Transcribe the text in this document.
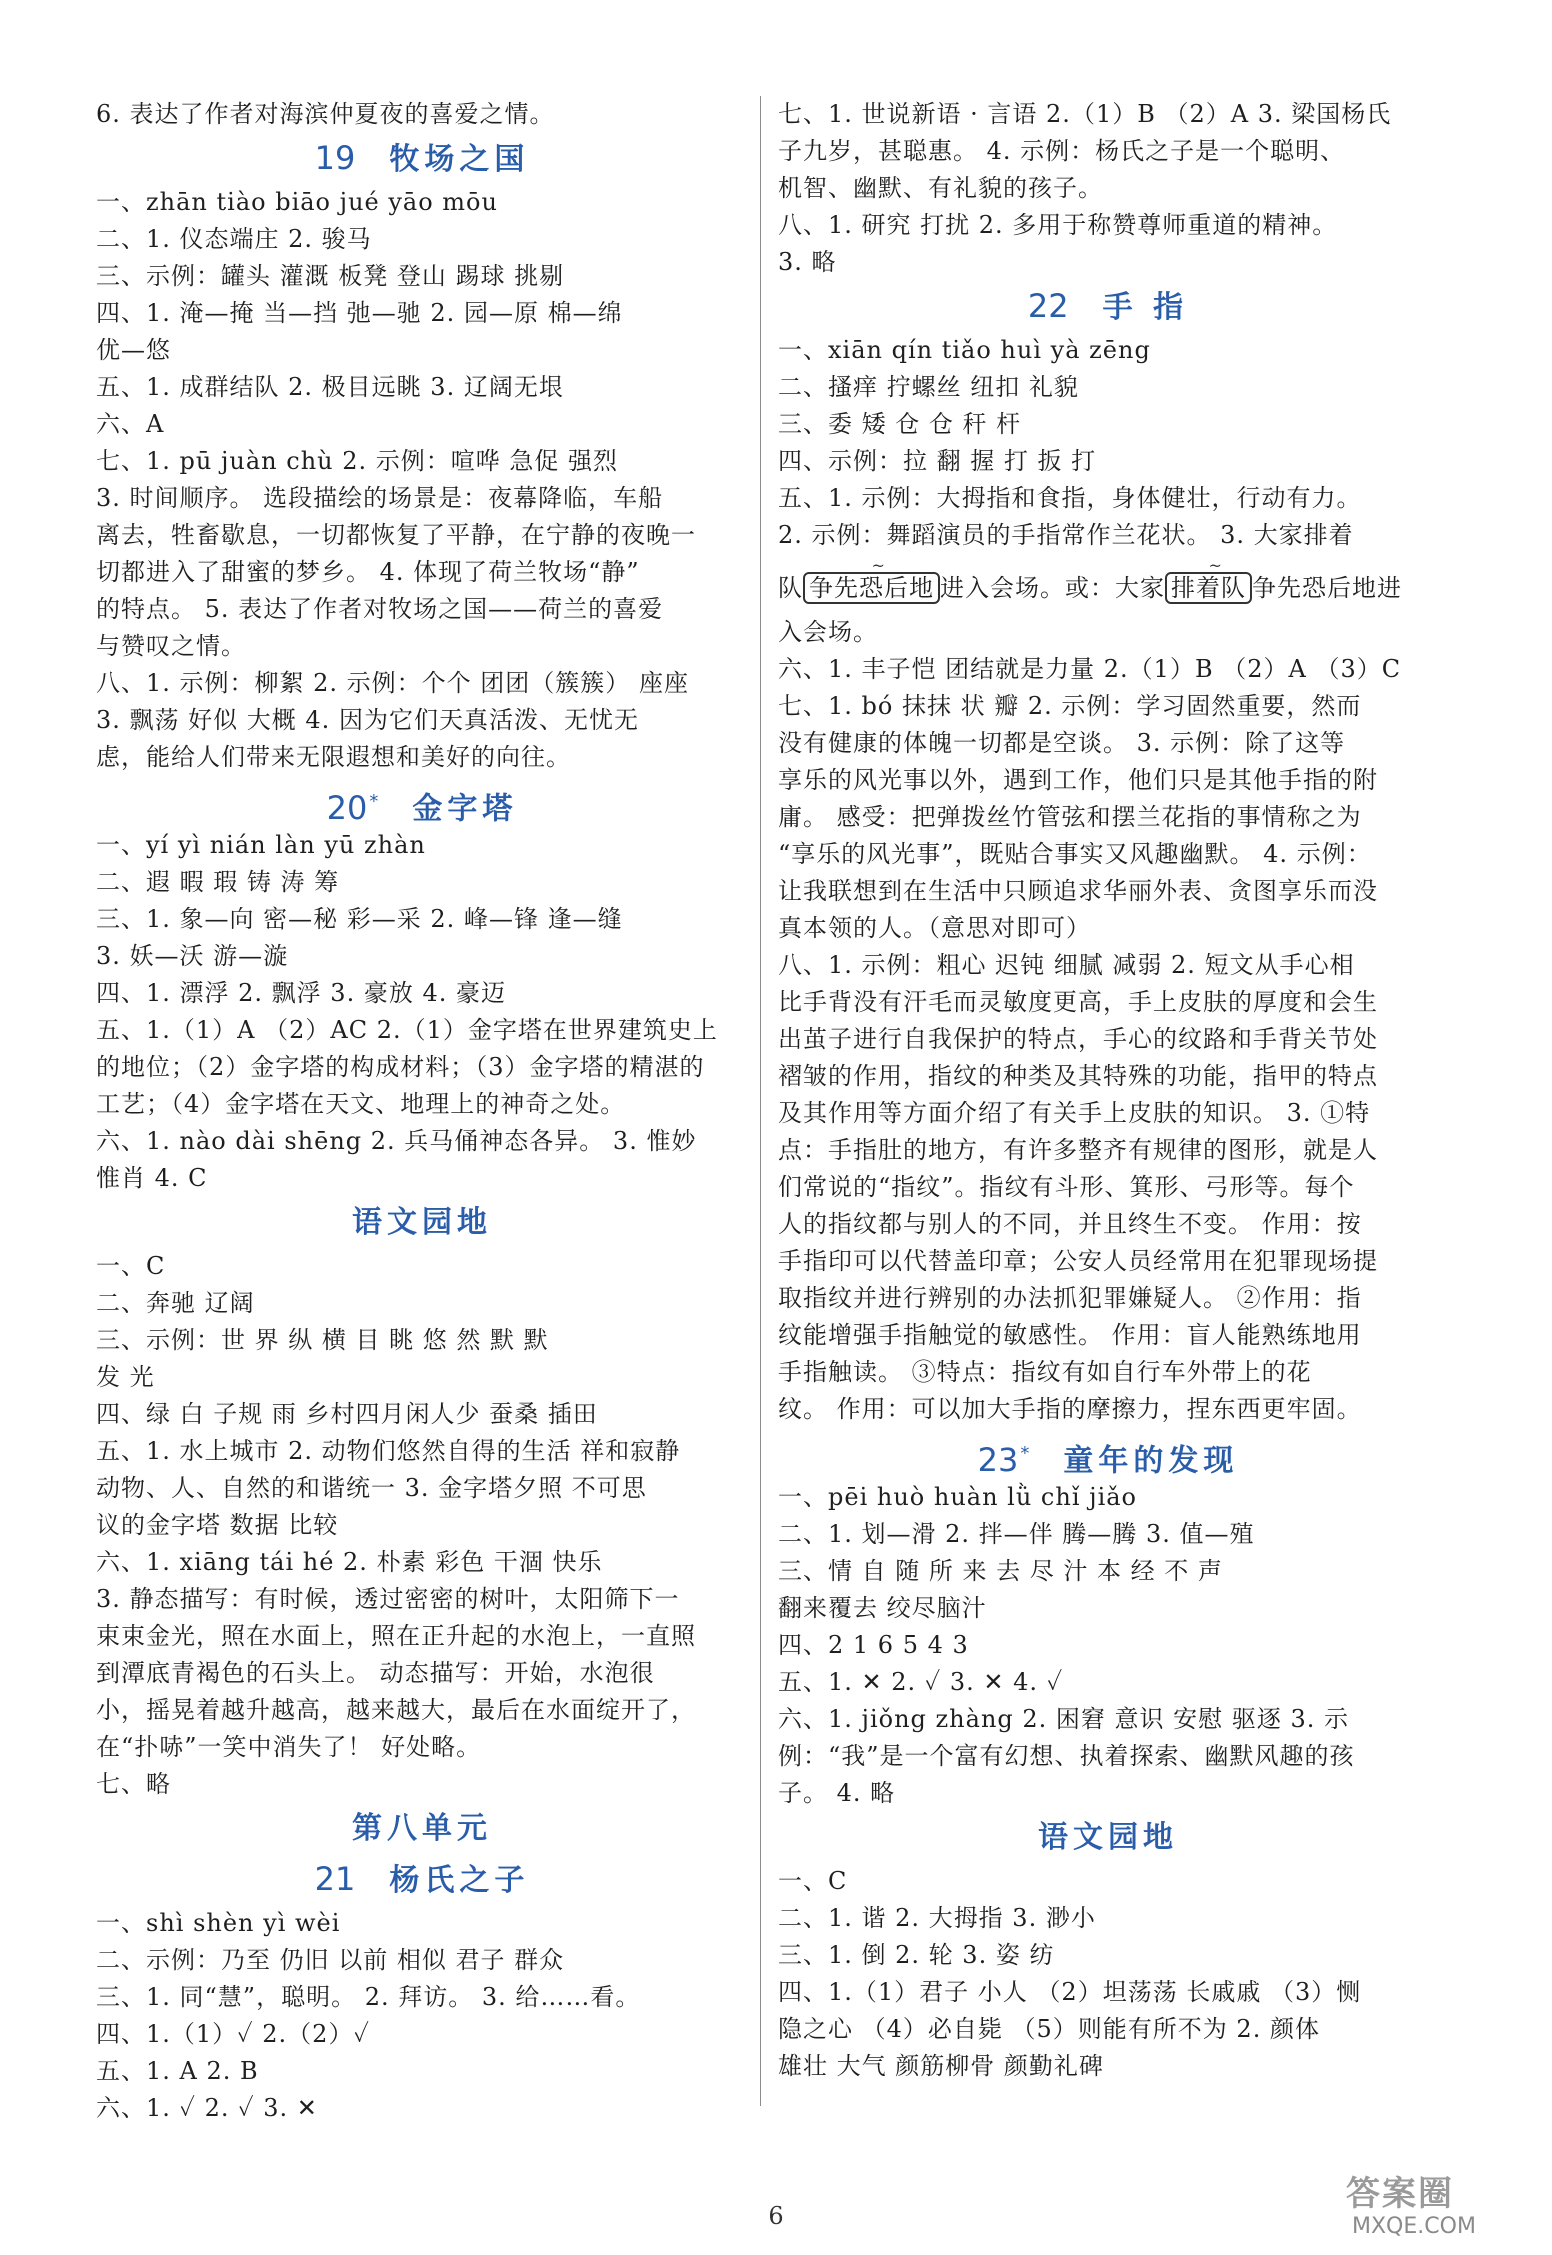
6. 表达了作者对海滨仲夏夜的喜爱之情。
19 牧场之国
一、zhān tiào biāo jué yāo mōu
二、1. 仪态端庄 2. 骏马
三、示例：罐头 灌溉 板凳 登山 踢球 挑剔
四、1. 淹—掩 当—挡 弛—驰 2. 园—原 棉—绵
优—悠
五、1. 成群结队 2. 极目远眺 3. 辽阔无垠
六、A
七、1. pū juàn chù 2. 示例：喧哗 急促 强烈
3. 时间顺序。 选段描绘的场景是：夜幕降临，车船
离去，牲畜歇息，一切都恢复了平静，在宁静的夜晚一
切都进入了甜蜜的梦乡。 4. 体现了荷兰牧场“静”
的特点。 5. 表达了作者对牧场之国——荷兰的喜爱
与赞叹之情。
八、1. 示例：柳絮 2. 示例：个个 团团（簇簇） 座座
3. 飘荡 好似 大概 4. 因为它们天真活泼、无忧无
虑，能给人们带来无限遐想和美好的向往。
20 * 金字塔
一、yí yì nián làn yū zhàn
二、遐 暇 瑕 铸 涛 筹
三、1. 象—向 密—秘 彩—采 2. 峰—锋 逢—缝
3. 妖—沃 游—漩
四、1. 漂浮 2. 飘浮 3. 豪放 4. 豪迈
五、1.（1）A （2）AC 2.（1）金字塔在世界建筑史上
的地位；（2）金字塔的构成材料；（3）金字塔的精湛的
工艺；（4）金字塔在天文、地理上的神奇之处。
六、1. nào dài shēng 2. 兵马俑神态各异。 3. 惟妙
惟肖 4. C
语文园地
一、C
二、奔驰 辽阔
三、示例：世 界 纵 横 目 眺 悠 然 默 默
发 光
四、绿 白 子规 雨 乡村四月闲人少 蚕桑 插田
五、1. 水上城市 2. 动物们悠然自得的生活 祥和寂静
动物、人、自然的和谐统一 3. 金字塔夕照 不可思
议的金字塔 数据 比较
六、1. xiāng tái hé 2. 朴素 彩色 干涸 快乐
3. 静态描写：有时候，透过密密的树叶，太阳筛下一
束束金光，照在水面上，照在正升起的水泡上，一直照
到潭底青褐色的石头上。 动态描写：开始，水泡很
小，摇晃着越升越高，越来越大，最后在水面绽开了，
在“扑哧”一笑中消失了！ 好处略。
七、略
第八单元
21 杨氏之子
一、shì shèn yì wèi
二、示例：乃至 仍旧 以前 相似 君子 群众
三、1. 同“慧”，聪明。 2. 拜访。 3. 给……看。
四、1.（1）✓ 2.（2）✓
五、1. A 2. B
六、1. ✓ 2. ✓ 3. ✕
七、1. 世说新语 · 言语 2.（1）B （2）A 3. 梁国杨氏
子九岁，甚聪惠。 4. 示例：杨氏之子是一个聪明、
机智、幽默、有礼貌的孩子。
八、1. 研究 打扰 2. 多用于称赞尊师重道的精神。
3. 略
22 手 指
一、xiān qín tiǎo huì yà zēng
二、搔痒 拧螺丝 纽扣 礼貌
三、委 矮 仓 仓 秆 杆
四、示例：拉 翻 握 打 扳 打
五、1. 示例：大拇指和食指，身体健壮，行动有力。
2. 示例：舞蹈演员的手指常作兰花状。 3. 大家排着
队
~
争先恐后地 进入会场。或：大家
~
排着队 争先恐后地进
入会场。
六、1. 丰子恺 团结就是力量 2.（1）B （2）A （3）C
七、1. bó 抹抹 状 瓣 2. 示例：学习固然重要，然而
没有健康的体魄一切都是空谈。 3. 示例：除了这等
享乐的风光事以外，遇到工作，他们只是其他手指的附
庸。 感受：把弹拨丝竹管弦和摆兰花指的事情称之为
“享乐的风光事”，既贴合事实又风趣幽默。 4. 示例：
让我联想到在生活中只顾追求华丽外表、贪图享乐而没
真本领的人。（意思对即可）
八、1. 示例：粗心 迟钝 细腻 减弱 2. 短文从手心相
比手背没有汗毛而灵敏度更高，手上皮肤的厚度和会生
出茧子进行自我保护的特点，手心的纹路和手背关节处
褶皱的作用，指纹的种类及其特殊的功能，指甲的特点
及其作用等方面介绍了有关手上皮肤的知识。 3. ①特
点：手指肚的地方，有许多整齐有规律的图形，就是人
们常说的“指纹”。指纹有斗形、箕形、弓形等。每个
人的指纹都与别人的不同，并且终生不变。 作用：按
手指印可以代替盖印章；公安人员经常用在犯罪现场提
取指纹并进行辨别的办法抓犯罪嫌疑人。 ②作用：指
纹能增强手指触觉的敏感性。 作用：盲人能熟练地用
手指触读。 ③特点：指纹有如自行车外带上的花
纹。 作用：可以加大手指的摩擦力，捏东西更牢固。
23 * 童年的发现
一、pēi huò huàn lǜ chǐ jiǎo
二、1. 划—滑 2. 拌—伴 腾—腾 3. 值—殖
三、情 自 随 所 来 去 尽 汁 本 经 不 声
翻来覆去 绞尽脑汁
四、2 1 6 5 4 3
五、1. ✕ 2. ✓ 3. ✕ 4. ✓
六、1. jiǒng zhàng 2. 困窘 意识 安慰 驱逐 3. 示
例：“我”是一个富有幻想、执着探索、幽默风趣的孩
子。 4. 略
语文园地
一、C
二、1. 谐 2. 大拇指 3. 渺小
三、1. 倒 2. 轮 3. 姿 纺
四、1.（1）君子 小人 （2）坦荡荡 长戚戚 （3）恻
隐之心 （4）必自毙 （5）则能有所不为 2. 颜体
雄壮 大气 颜筋柳骨 颜勤礼碑
6
答案圈
MXQE.COM
